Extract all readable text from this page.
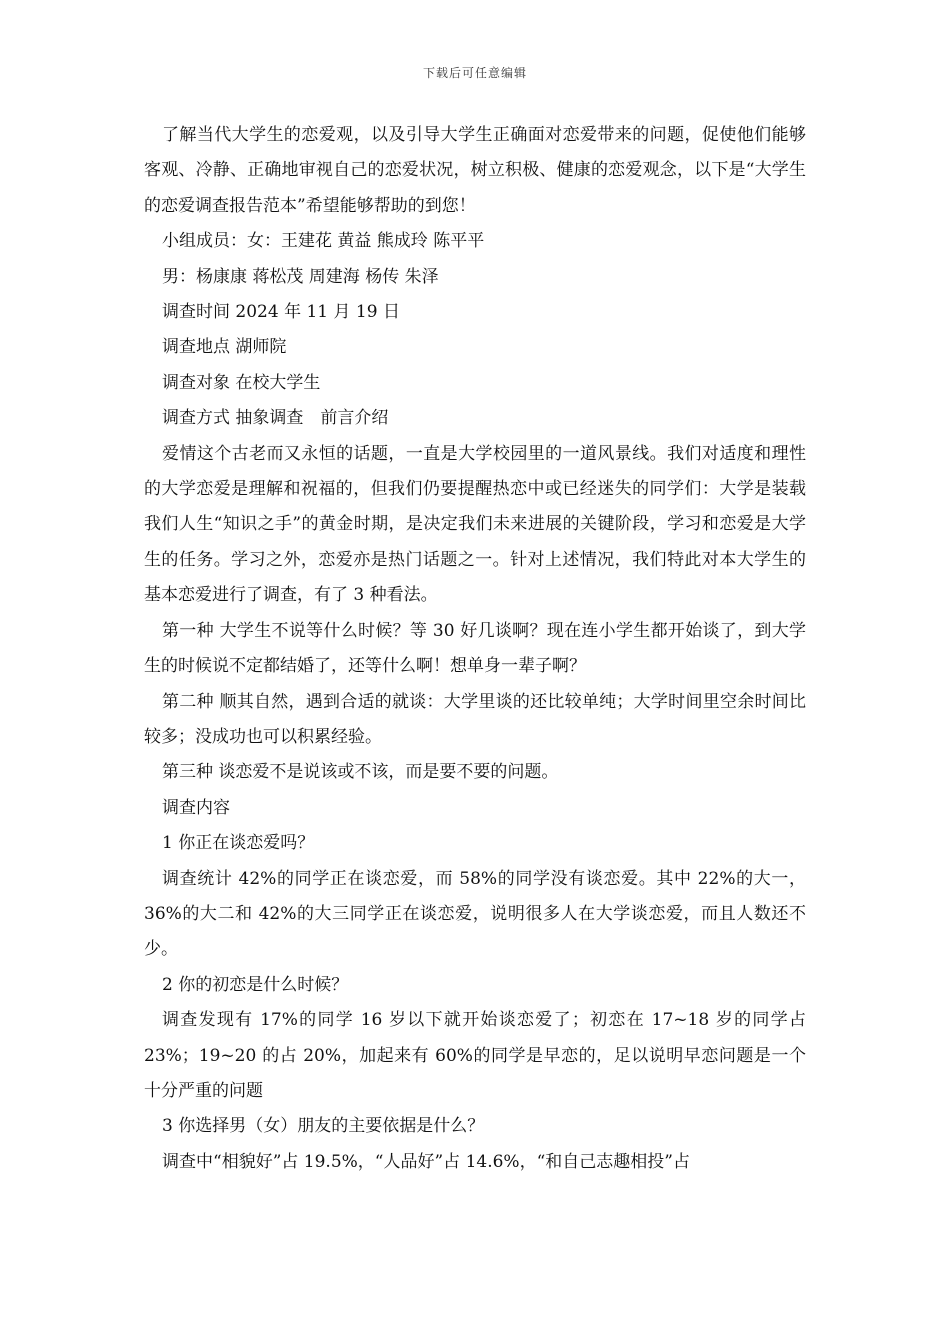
下载后可任意编辑

了解当代大学生的恋爱观，以及引导大学生正确面对恋爱带来的问题，促使他们能够客观、冷静、正确地审视自己的恋爱状况，树立积极、健康的恋爱观念，以下是“大学生的恋爱调查报告范本”希望能够帮助的到您！

小组成员：女：王建花 黄益 熊成玲 陈平平

男：杨康康 蒋松茂 周建海 杨传 朱泽

调查时间 2024 年 11 月 19 日

调查地点 湖师院

调查对象 在校大学生

调查方式 抽象调查　前言介绍

爱情这个古老而又永恒的话题，一直是大学校园里的一道风景线。我们对适度和理性的大学恋爱是理解和祝福的，但我们仍要提醒热恋中或已经迷失的同学们：大学是装载我们人生“知识之手”的黄金时期，是决定我们未来进展的关键阶段，学习和恋爱是大学生的任务。学习之外，恋爱亦是热门话题之一。针对上述情况，我们特此对本大学生的基本恋爱进行了调查，有了 3 种看法。

第一种 大学生不说等什么时候？等 30 好几谈啊？现在连小学生都开始谈了，到大学生的时候说不定都结婚了，还等什么啊！想单身一辈子啊？

第二种 顺其自然，遇到合适的就谈：大学里谈的还比较单纯；大学时间里空余时间比较多；没成功也可以积累经验。

第三种 谈恋爱不是说该或不该，而是要不要的问题。

调查内容

1 你正在谈恋爱吗？

调查统计 42%的同学正在谈恋爱，而 58%的同学没有谈恋爱。其中 22%的大一，36%的大二和 42%的大三同学正在谈恋爱，说明很多人在大学谈恋爱，而且人数还不少。

2 你的初恋是什么时候？

调查发现有 17%的同学 16 岁以下就开始谈恋爱了；初恋在 17~18 岁的同学占 23%；19~20 的占 20%，加起来有 60%的同学是早恋的，足以说明早恋问题是一个十分严重的问题

3 你选择男（女）朋友的主要依据是什么？

调查中“相貌好”占 19.5%，“人品好”占 14.6%，“和自己志趣相投”占
